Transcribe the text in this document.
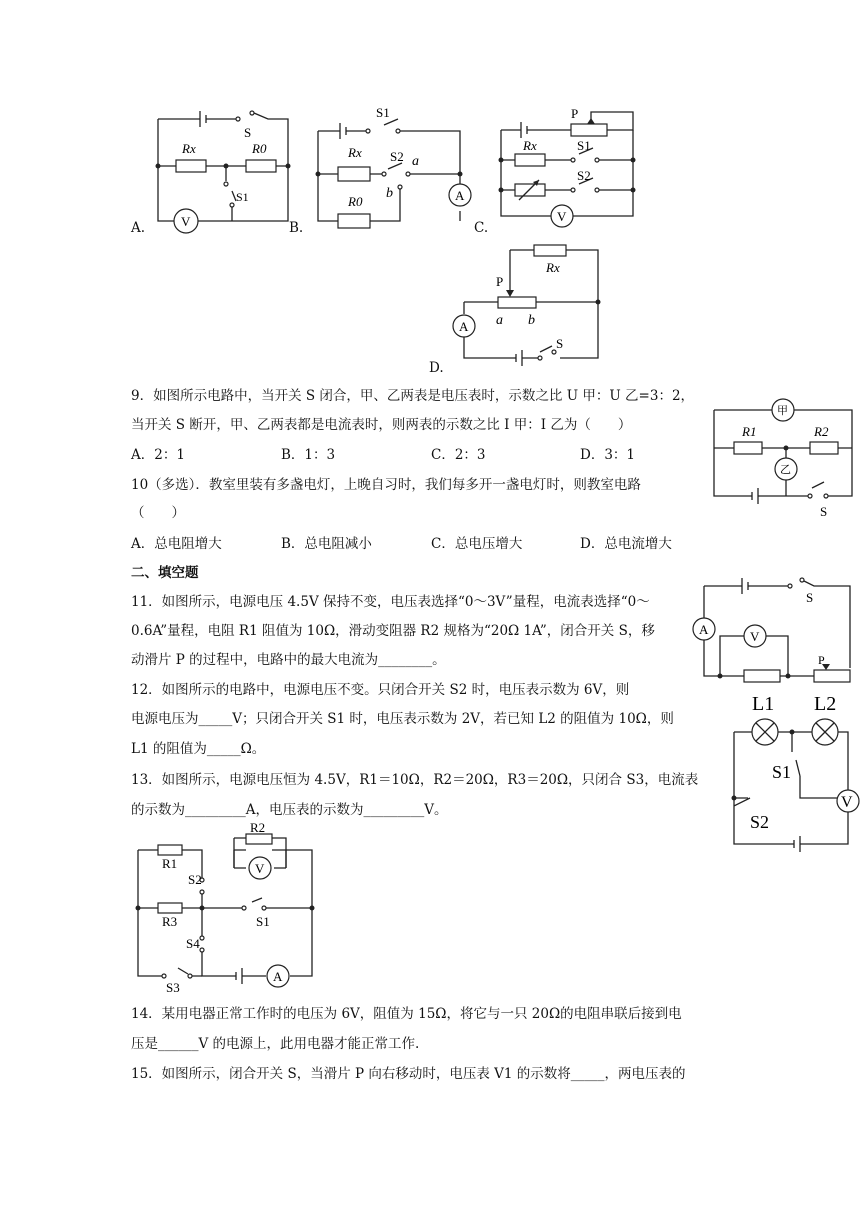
A.
S
Rx	R0
S1
V	B.
S1
Rx S2 a
b
R0	A
C.
P
Rx	S1
S2
V
D.
Rx
P
a b
A
S
9．如图所示电路中，当开关 S 闭合，甲、乙两表是电压表时，示数之比 U 甲：U 乙=3：2，
当开关 S 断开，甲、乙两表都是电流表时，则两表的示数之比 I 甲：I 乙为（　　）
A．2：1	B．1：3	C．2：3	D．3：1
甲
R1	R2
乙
S
10（多选）．教室里装有多盏电灯，上晚自习时，我们每多开一盏电灯时，则教室电路
（　　）
A．总电阻增大	B．总电阻减小	C．总电压增大	D．总电流增大
二、填空题
11．如图所示，电源电压 4.5V 保持不变，电压表选择“0～3V”量程，电流表选择“0～
0.6A”量程，电阻 R1 阻值为 10Ω，滑动变阻器 R2 规格为“20Ω 1A”，闭合开关 S，移
动滑片 P 的过程中，电路中的最大电流为________。
S
A	V
P
12．如图所示的电路中，电源电压不变。只闭合开关 S2 时，电压表示数为 6V，则
电源电压为_____V；只闭合开关 S1 时，电压表示数为 2V，若已知 L2 的阻值为 10Ω，则
L1 的阻值为_____Ω。
L1 L2
S1
S2
V
13．如图所示，电源电压恒为 4.5V，R1＝10Ω，R2＝20Ω，R3＝20Ω，只闭合 S3，电流表
的示数为_________A，电压表的示数为_________V。
R2
R1
S2
V
R3	S1
S4
S3
A
14．某用电器正常工作时的电压为 6V，阻值为 15Ω，将它与一只 20Ω的电阻串联后接到电
压是______V 的电源上，此用电器才能正常工作.
15．如图所示，闭合开关 S，当滑片 P 向右移动时，电压表 V1 的示数将_____，两电压表的
